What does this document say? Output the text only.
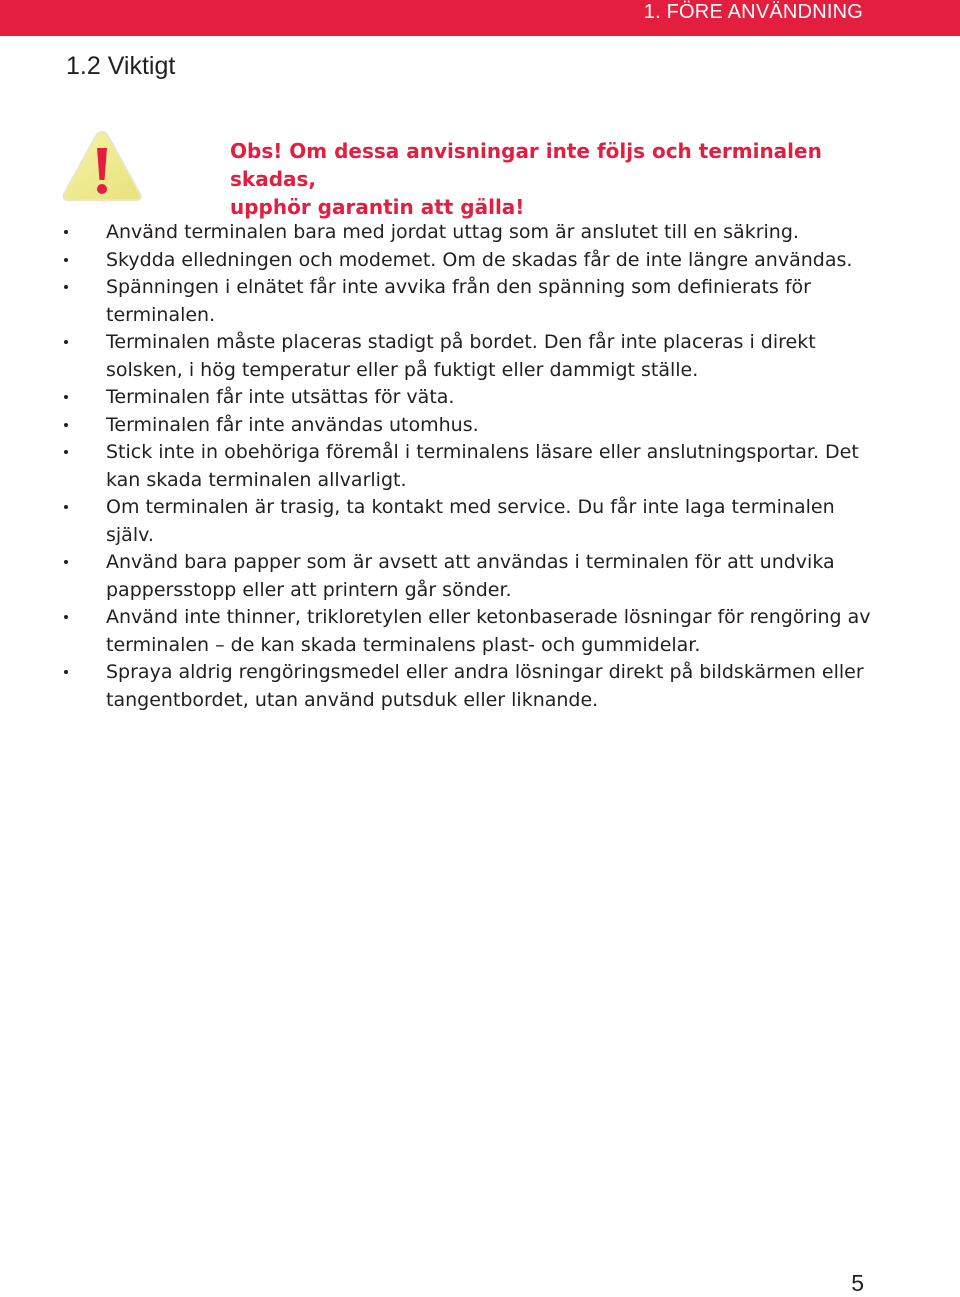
1. FÖRE ANVÄNDNING
1.2 Viktigt

Obs! Om dessa anvisningar inte följs och terminalen skadas,
upphör garantin att gälla!

Använd terminalen bara med jordat uttag som är anslutet till en säkring.
Skydda elledningen och modemet. Om de skadas får de inte längre användas.
Spänningen i elnätet får inte avvika från den spänning som definierats för terminalen.
Terminalen måste placeras stadigt på bordet. Den får inte placeras i direkt solsken, i hög temperatur eller på fuktigt eller dammigt ställe.
Terminalen får inte utsättas för väta.
Terminalen får inte användas utomhus.
Stick inte in obehöriga föremål i terminalens läsare eller anslutningsportar. Det kan skada terminalen allvarligt.
Om terminalen är trasig, ta kontakt med service. Du får inte laga terminalen själv.
Använd bara papper som är avsett att användas i terminalen för att undvika pappersstopp eller att printern går sönder.
Använd inte thinner, trikloretylen eller ketonbaserade lösningar för rengöring av terminalen – de kan skada terminalens plast- och gummidelar.
Spraya aldrig rengöringsmedel eller andra lösningar direkt på bildskärmen eller tangentbordet, utan använd putsduk eller liknande.
5
